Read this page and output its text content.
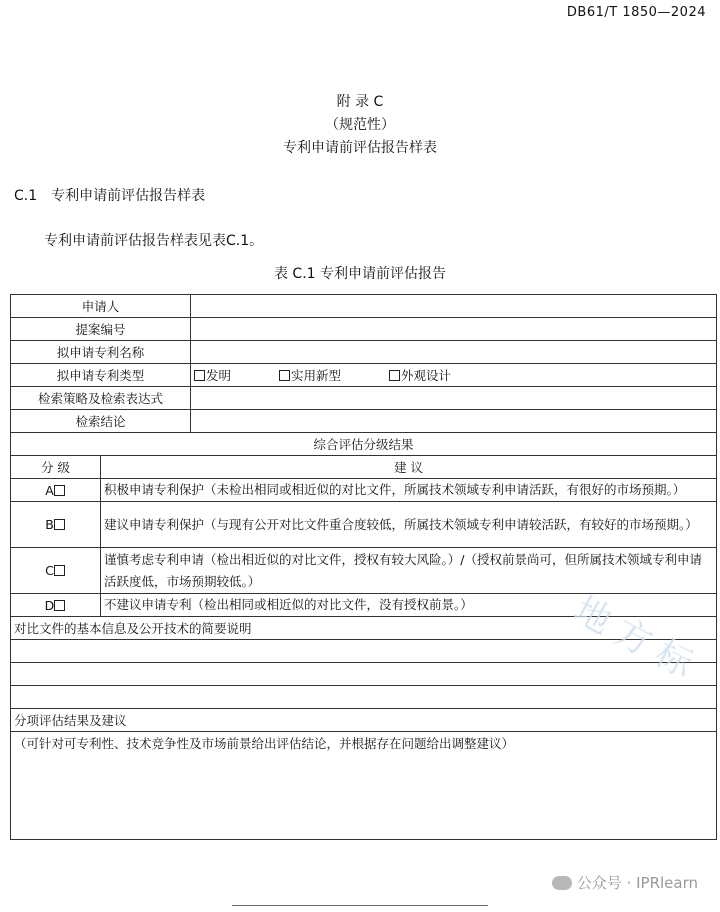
DB61/T 1850—2024
附 录 C
（规范性）
专利申请前评估报告样表
C.1 专利申请前评估报告样表
专利申请前评估报告样表见表C.1。
表 C.1 专利申请前评估报告
申请人		
提案编号		
拟申请专利名称		
拟申请专利类型		发明 实用新型 外观设计
检索策略及检索表达式		
检索结论		
综合评估分级结果		
分 级	建 议	
A	积极申请专利保护（未检出相同或相近似的对比文件，所属技术领域专利申请活跃，有很好的市场预期。）	
B	建议申请专利保护（与现有公开对比文件重合度较低，所属技术领域专利申请较活跃，有较好的市场预期。）	
C	谨慎考虑专利申请（检出相近似的对比文件，授权有较大风险。）/（授权前景尚可，但所属技术领域专利申请活跃度低，市场预期较低。）	
D	不建议申请专利（检出相同或相近似的对比文件，没有授权前景。）	
对比文件的基本信息及公开技术的简要说明		

分项评估结果及建议		
（可针对可专利性、技术竞争性及市场前景给出评估结论，并根据存在问题给出调整建议）		
地方标
公众号 · IPRlearn
